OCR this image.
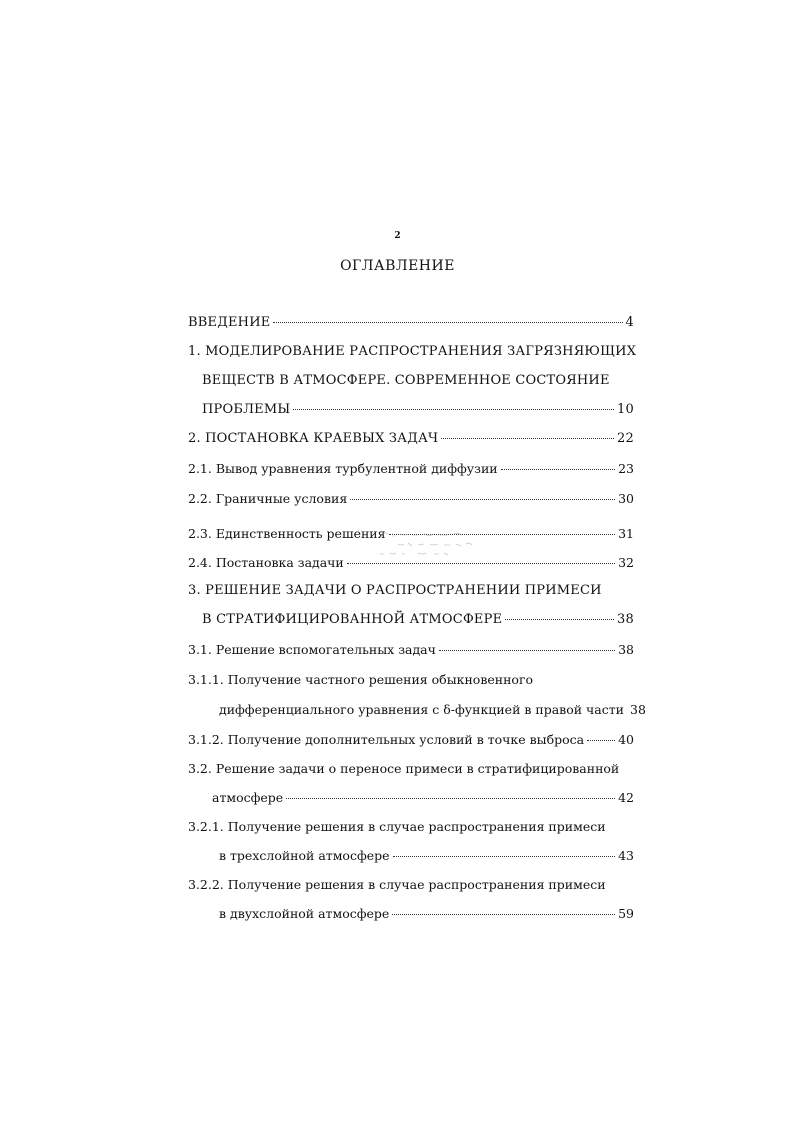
2
ОГЛАВЛЕНИЕ
ВВЕДЕНИЕ	4
1. МОДЕЛИРОВАНИЕ РАСПРОСТРАНЕНИЯ ЗАГРЯЗНЯЮЩИХ
ВЕЩЕСТВ В АТМОСФЕРЕ. СОВРЕМЕННОЕ СОСТОЯНИЕ
ПРОБЛЕМЫ	10
2. ПОСТАНОВКА КРАЕВЫХ ЗАДАЧ	22
2.1. Вывод уравнения турбулентной диффузии	23
2.2. Граничные условия	30
2.3. Единственность решения	31
2.4. Постановка задачи	32
3. РЕШЕНИЕ ЗАДАЧИ О РАСПРОСТРАНЕНИИ ПРИМЕСИ
В СТРАТИФИЦИРОВАННОЙ АТМОСФЕРЕ	38
3.1. Решение вспомогательных задач	38
3.1.1. Получение частного решения обыкновенного
дифференциального уравнения с δ-функцией в правой части 38
3.1.2. Получение дополнительных условий в точке выброса	40
3.2. Решение задачи о переносе примеси в стратифицированной
атмосфере	42
3.2.1. Получение решения в случае распространения примеси
в трехслойной атмосфере	43
3.2.2. Получение решения в случае распространения примеси
в двухслойной атмосфере	59
